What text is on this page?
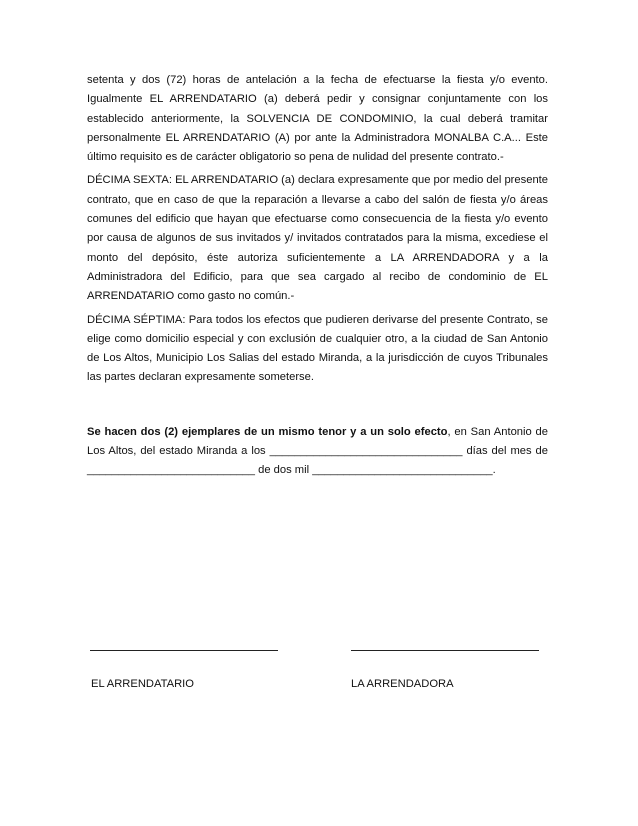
setenta y dos (72) horas de antelación a la fecha de efectuarse la fiesta y/o evento. Igualmente EL ARRENDATARIO (a) deberá pedir y consignar conjuntamente con los establecido anteriormente, la SOLVENCIA DE CONDOMINIO, la cual deberá tramitar personalmente EL ARRENDATARIO (A) por ante la Administradora MONALBA C.A... Este último requisito es de carácter obligatorio so pena de nulidad del presente contrato.-

DÉCIMA SEXTA: EL ARRENDATARIO (a) declara expresamente que por medio del presente contrato, que en caso de que la reparación a llevarse a cabo del salón de fiesta y/o áreas comunes del edificio que hayan que efectuarse como consecuencia de la fiesta y/o evento por causa de algunos de sus invitados y/ invitados contratados para la misma, excediese el monto del depósito, éste autoriza suficientemente a LA ARRENDADORA y a la Administradora del Edificio, para que sea cargado al recibo de condominio de EL ARRENDATARIO como gasto no común.-

DÉCIMA SÉPTIMA: Para todos los efectos que pudieren derivarse del presente Contrato, se elige como domicilio especial y con exclusión de cualquier otro, a la ciudad de San Antonio de Los Altos, Municipio Los Salias del estado Miranda, a la jurisdicción de cuyos Tribunales las partes declaran expresamente someterse.

Se hacen dos (2) ejemplares de un mismo tenor y a un solo efecto, en San Antonio de Los Altos, del estado Miranda a los _______________________________ días del mes de ___________________________ de dos mil _____________________________.

EL ARRENDATARIO	LA ARRENDADORA
